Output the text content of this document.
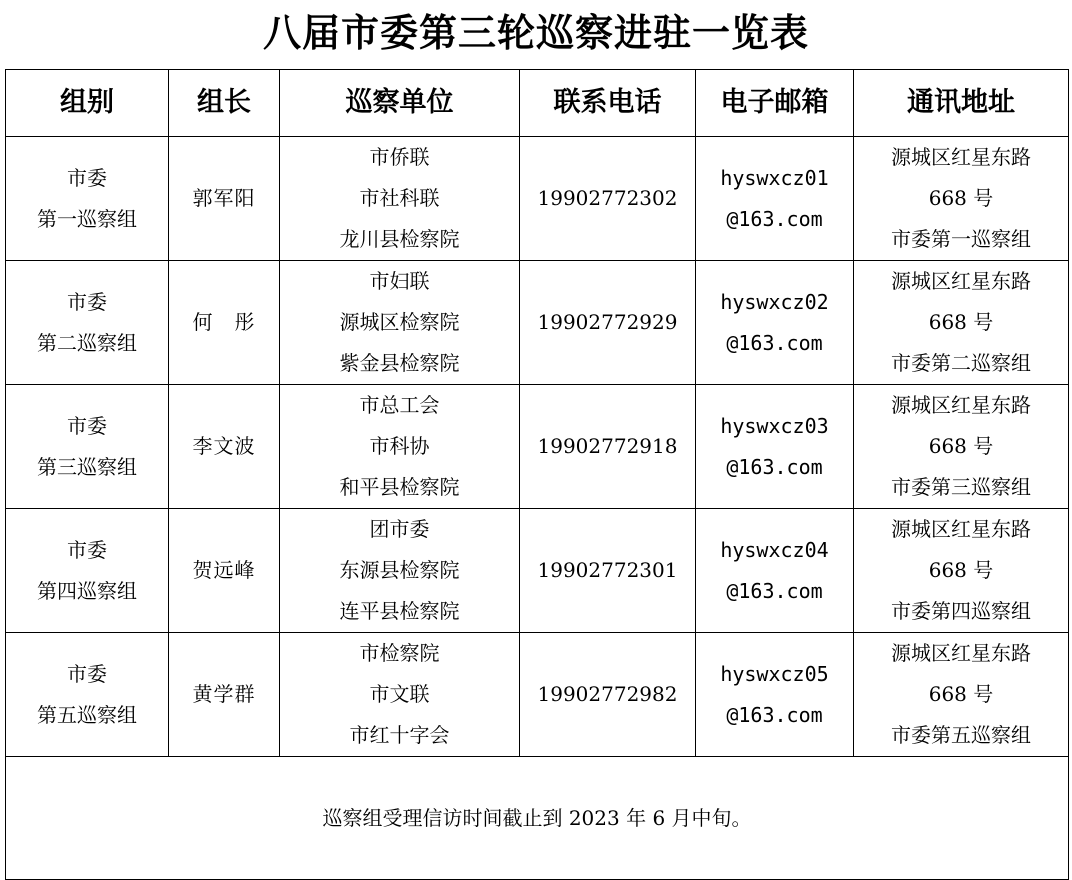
八届市委第三轮巡察进驻一览表
组别	组长	巡察单位	联系电话	电子邮箱	通讯地址

市委
第一巡察组	郭军阳	市侨联
市社科联
龙川县检察院	19902772302	hyswxcz01
@163.com	源城区红星东路
668 号
市委第一巡察组

市委
第二巡察组	何　彤	市妇联
源城区检察院
紫金县检察院	19902772929	hyswxcz02
@163.com	源城区红星东路
668 号
市委第二巡察组

市委
第三巡察组	李文波	市总工会
市科协
和平县检察院	19902772918	hyswxcz03
@163.com	源城区红星东路
668 号
市委第三巡察组

市委
第四巡察组	贺远峰	团市委
东源县检察院
连平县检察院	19902772301	hyswxcz04
@163.com	源城区红星东路
668 号
市委第四巡察组

市委
第五巡察组	黄学群	市检察院
市文联
市红十字会	19902772982	hyswxcz05
@163.com	源城区红星东路
668 号
市委第五巡察组

巡察组受理信访时间截止到 2023 年 6 月中旬。					
